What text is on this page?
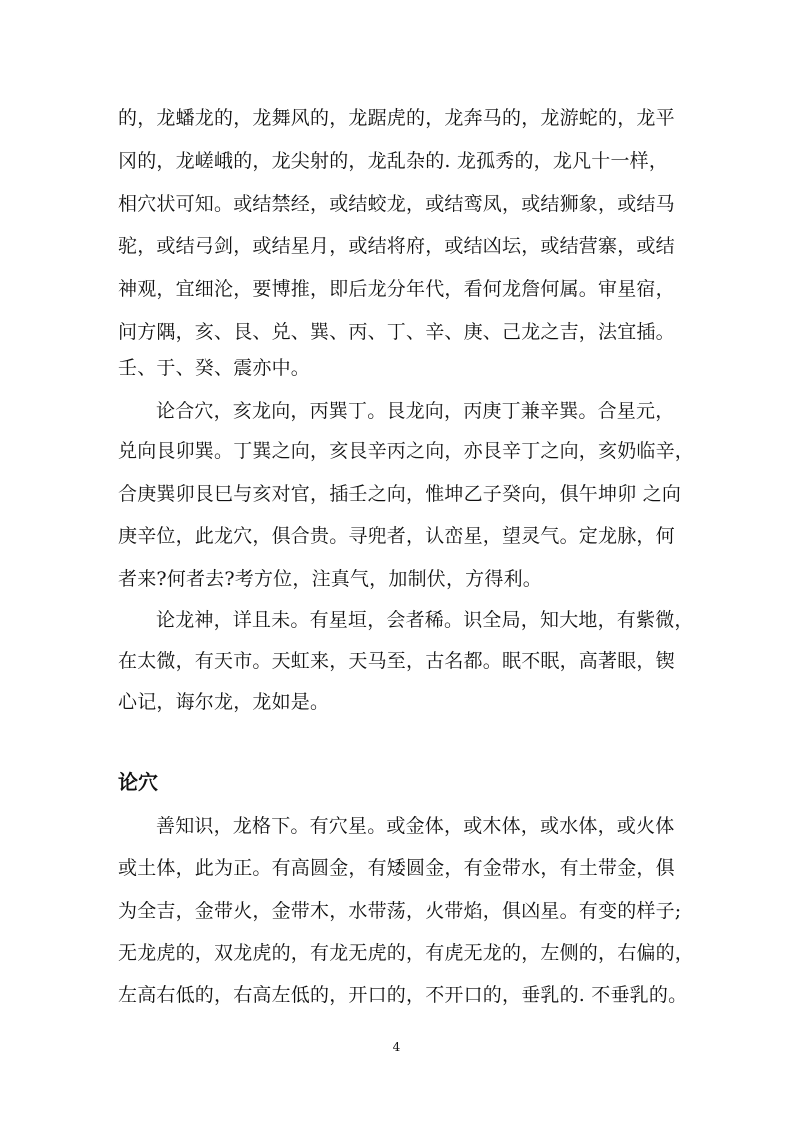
的，龙蟠龙的，龙舞风的，龙踞虎的，龙奔马的，龙游蛇的，龙平
冈的，龙嵯峨的，龙尖射的，龙乱杂的. 龙孤秀的，龙凡十一样，
相穴状可知。或结禁经，或结蛟龙，或结鸾凤，或结狮象，或结马
驼，或结弓剑，或结星月，或结将府，或结凶坛，或结营寨，或结
神观，宜细沦，要博推，即后龙分年代，看何龙詹何属。审星宿，
问方隅，亥、艮、兑、巽、丙、丁、辛、庚、己龙之吉，法宜插。
壬、于、癸、震亦中。
论合穴，亥龙向，丙巽丁。艮龙向，丙庚丁兼辛巽。合星元，
兑向艮卯巽。丁巽之向，亥艮辛丙之向，亦艮辛丁之向，亥奶临辛，
合庚巽卯艮巳与亥对官，插壬之向，惟坤乙子癸向，俱午坤卯 之向
庚辛位，此龙穴，俱合贵。寻兜者，认峦星，望灵气。定龙脉，何
者来?何者去?考方位，注真气，加制伏，方得利。
论龙神，详且未。有星垣，会者稀。识全局，知大地，有紫微，
在太微，有天市。天虹来，天马至，古名都。眠不眠，高著眼，锲
心记，诲尔龙，龙如是。
论穴
善知识，龙格下。有穴星。或金体，或木体，或水体，或火体
或土体，此为正。有高圆金，有矮圆金，有金带水，有土带金，俱
为全吉，金带火，金带木，水带荡，火带焰，俱凶星。有变的样子;
无龙虎的，双龙虎的，有龙无虎的，有虎无龙的，左侧的，右偏的，
左高右低的，右高左低的，开口的，不开口的，垂乳的. 不垂乳的。
4
